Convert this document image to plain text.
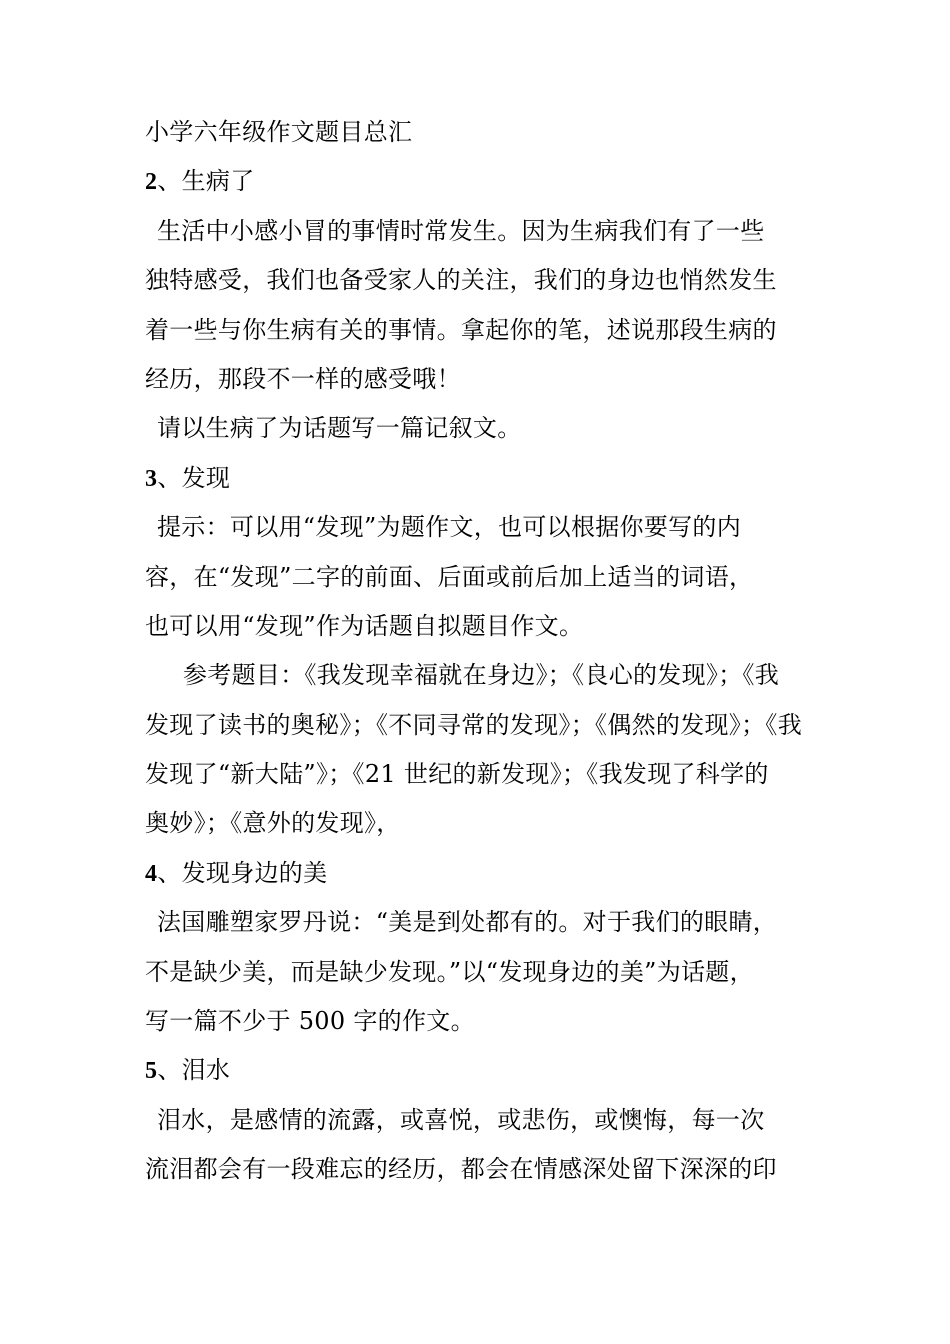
小学六年级作文题目总汇
2、生病了
生活中小感小冒的事情时常发生。因为生病我们有了一些
独特感受，我们也备受家人的关注，我们的身边也悄然发生
着一些与你生病有关的事情。拿起你的笔，述说那段生病的
经历，那段不一样的感受哦！
请以生病了为话题写一篇记叙文。
3、发现
提示：可以用“发现”为题作文，也可以根据你要写的内
容，在“发现”二字的前面、后面或前后加上适当的词语，
也可以用“发现”作为话题自拟题目作文。
参考题目：《我发现幸福就在身边》；《良心的发现》；《我
发现了读书的奥秘》；《不同寻常的发现》；《偶然的发现》；《我
发现了“新大陆”》；《21 世纪的新发现》；《我发现了科学的
奥妙》；《意外的发现》，
4、发现身边的美
法国雕塑家罗丹说：“美是到处都有的。对于我们的眼睛，
不是缺少美，而是缺少发现。”以“发现身边的美”为话题，
写一篇不少于 500 字的作文。
5、泪水
泪水，是感情的流露，或喜悦，或悲伤，或懊悔，每一次
流泪都会有一段难忘的经历，都会在情感深处留下深深的印
